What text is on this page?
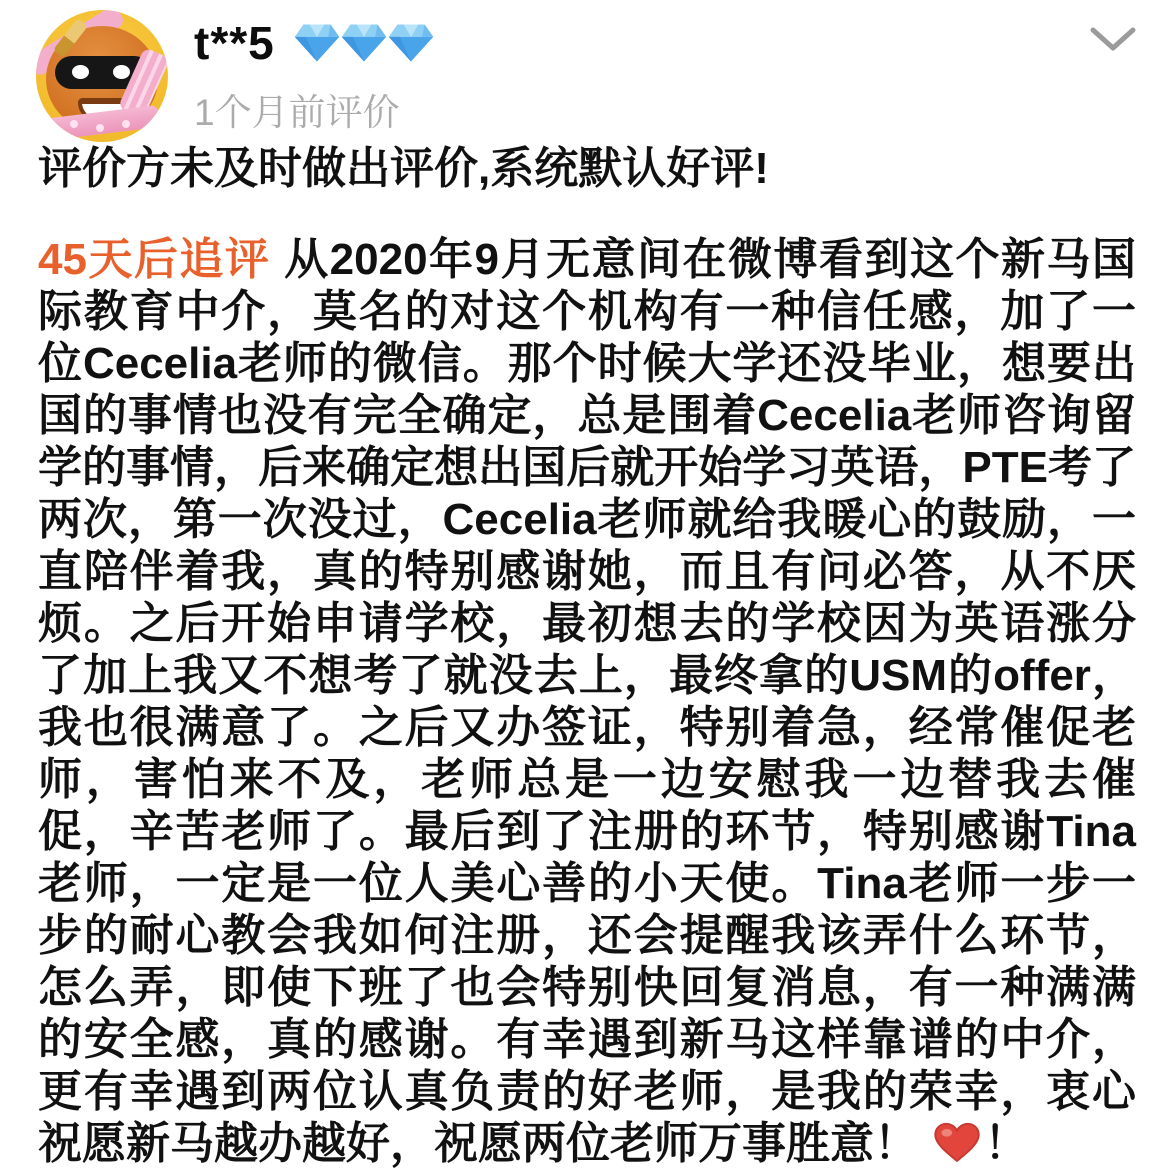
t**5
1个月前评价
评价方未及时做出评价,系统默认好评!
45天后追评 从2020年9月无意间在微博看到这个新马国际教育中介，莫名的对这个机构有一种信任感，加了一位Cecelia老师的微信。那个时候大学还没毕业，想要出国的事情也没有完全确定，总是围着Cecelia老师咨询留学的事情，后来确定想出国后就开始学习英语，PTE考了两次，第一次没过，Cecelia老师就给我暖心的鼓励，一直陪伴着我，真的特别感谢她，而且有问必答，从不厌烦。之后开始申请学校，最初想去的学校因为英语涨分了加上我又不想考了就没去上，最终拿的USM的offer，我也很满意了。之后又办签证，特别着急，经常催促老师，害怕来不及，老师总是一边安慰我一边替我去催促，辛苦老师了。最后到了注册的环节，特别感谢Tina老师，一定是一位人美心善的小天使。Tina老师一步一步的耐心教会我如何注册，还会提醒我该弄什么环节，怎么弄，即使下班了也会特别快回复消息，有一种满满的安全感，真的感谢。有幸遇到新马这样靠谱的中介，更有幸遇到两位认真负责的好老师，是我的荣幸，衷心祝愿新马越办越好，祝愿两位老师万事胜意！ ！
